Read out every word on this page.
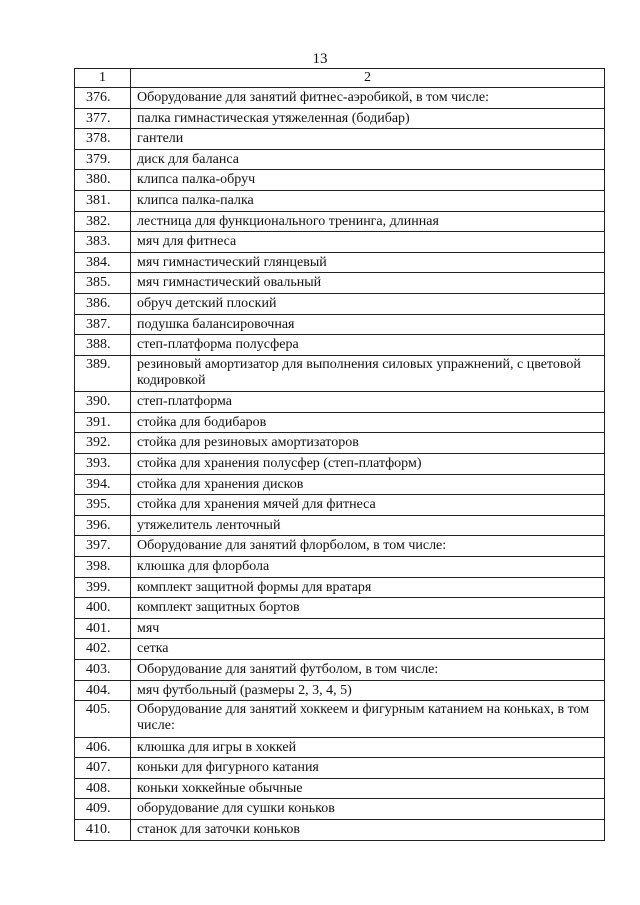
13
1	2
376.	Оборудование для занятий фитнес-аэробикой, в том числе:
377.	палка гимнастическая утяжеленная (бодибар)
378.	гантели
379.	диск для баланса
380.	клипса палка-обруч
381.	клипса палка-палка
382.	лестница для функционального тренинга, длинная
383.	мяч для фитнеса
384.	мяч гимнастический глянцевый
385.	мяч гимнастический овальный
386.	обруч детский плоский
387.	подушка балансировочная
388.	степ-платформа полусфера
389.	резиновый амортизатор для выполнения силовых упражнений, с цветовой кодировкой
390.	степ-платформа
391.	стойка для бодибаров
392.	стойка для резиновых амортизаторов
393.	стойка для хранения полусфер (степ-платформ)
394.	стойка для хранения дисков
395.	стойка для хранения мячей для фитнеса
396.	утяжелитель ленточный
397.	Оборудование для занятий флорболом, в том числе:
398.	клюшка для флорбола
399.	комплект защитной формы для вратаря
400.	комплект защитных бортов
401.	мяч
402.	сетка
403.	Оборудование для занятий футболом, в том числе:
404.	мяч футбольный (размеры 2, 3, 4, 5)
405.	Оборудование для занятий хоккеем и фигурным катанием на коньках, в том числе:
406.	клюшка для игры в хоккей
407.	коньки для фигурного катания
408.	коньки хоккейные обычные
409.	оборудование для сушки коньков
410.	станок для заточки коньков
